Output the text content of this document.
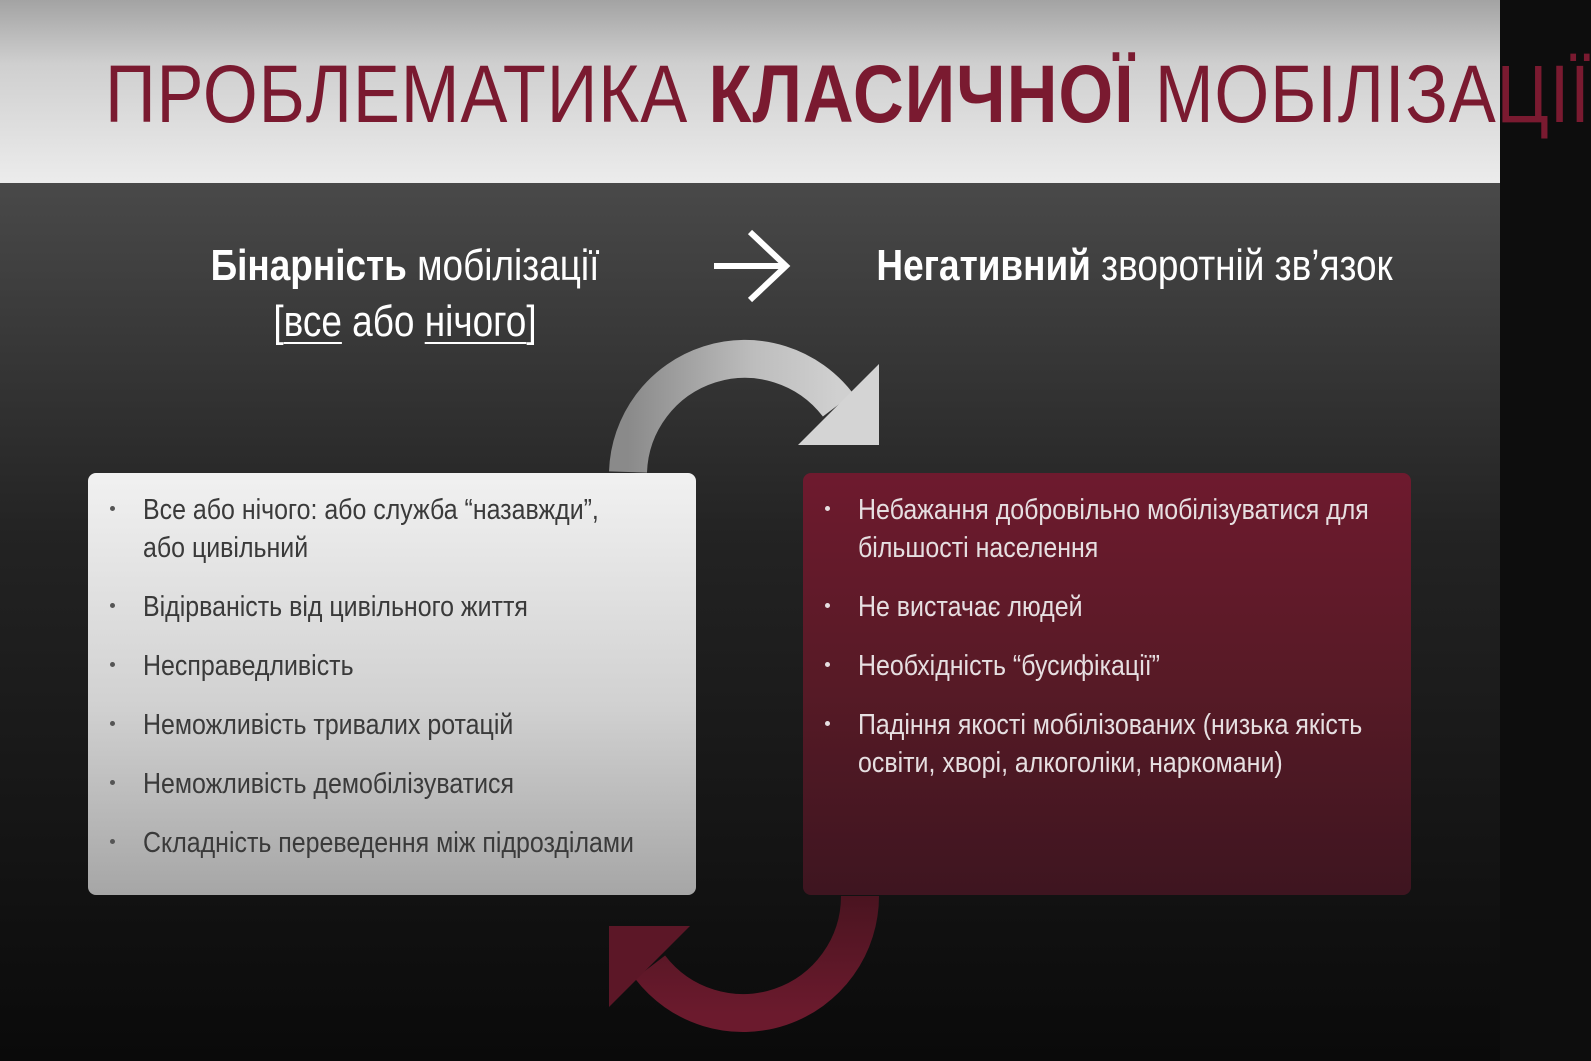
ПРОБЛЕМАТИКА КЛАСИЧНОЇ МОБІЛІЗАЦІЇ
Бінарність мобілізації
[все або нічого]
Негативний зворотній зв’язок
Все або нічого: або служба “назавжди”,
або цивільний
Відірваність від цивільного життя
Несправедливість
Неможливість тривалих ротацій
Неможливість демобілізуватися
Складність переведення між підрозділами
Небажання добровільно мобілізуватися для
більшості населення
Не вистачає людей
Необхідність “бусифікації”
Падіння якості мобілізованих (низька якість
освіти, хворі, алкоголіки, наркомани)
